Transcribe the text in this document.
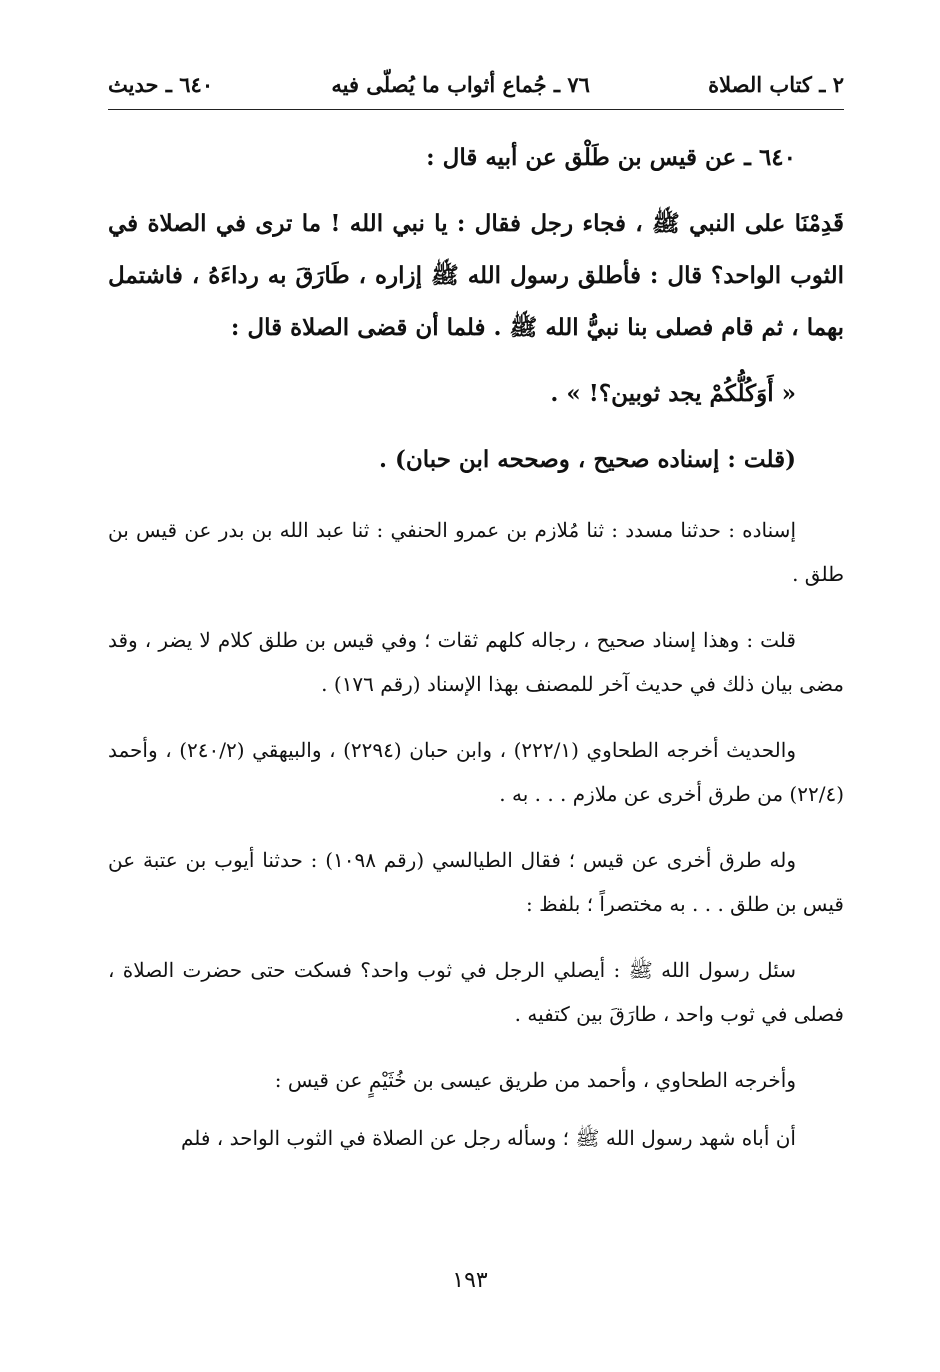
٢ ـ كتاب الصلاة
٧٦ ـ جُماع أثواب ما يُصلّى فيه
٦٤٠ ـ حديث

٦٤٠ ـ عن قيس بن طَلْق عن أبيه قال :

قَدِمْنَا على النبي ﷺ ، فجاء رجل فقال : يا نبي الله ! ما ترى في الصلاة في الثوب الواحد؟ قال : فأطلق رسول الله ﷺ إزاره ، طَارَقَ به رداءَهُ ، فاشتمل بهما ، ثم قام فصلى بنا نبيُّ الله ﷺ . فلما أن قضى الصلاة قال :

« أَوَكُلُّكُمْ يجد ثوبين؟! » .

(قلت : إسناده صحيح ، وصححه ابن حبان) .

إسناده : حدثنا مسدد : ثنا مُلازم بن عمرو الحنفي : ثنا عبد الله بن بدر عن قيس بن طلق .

قلت : وهذا إسناد صحيح ، رجاله كلهم ثقات ؛ وفي قيس بن طلق كلام لا يضر ، وقد مضى بيان ذلك في حديث آخر للمصنف بهذا الإسناد (رقم ١٧٦) .

والحديث أخرجه الطحاوي (٢٢٢/١) ، وابن حبان (٢٢٩٤) ، والبيهقي (٢٤٠/٢) ، وأحمد (٢٢/٤) من طرق أخرى عن ملازم . . . به .

وله طرق أخرى عن قيس ؛ فقال الطيالسي (رقم ١٠٩٨) : حدثنا أيوب بن عتبة عن قيس بن طلق . . . به مختصراً ؛ بلفظ :

سئل رسول الله ﷺ : أيصلي الرجل في ثوب واحد؟ فسكت حتى حضرت الصلاة ، فصلى في ثوب واحد ، طارَقَ بين كتفيه .

وأخرجه الطحاوي ، وأحمد من طريق عيسى بن خُثَيْمٍ عن قيس :

أن أباه شهد رسول الله ﷺ ؛ وسأله رجل عن الصلاة في الثوب الواحد ، فلم

١٩٣
